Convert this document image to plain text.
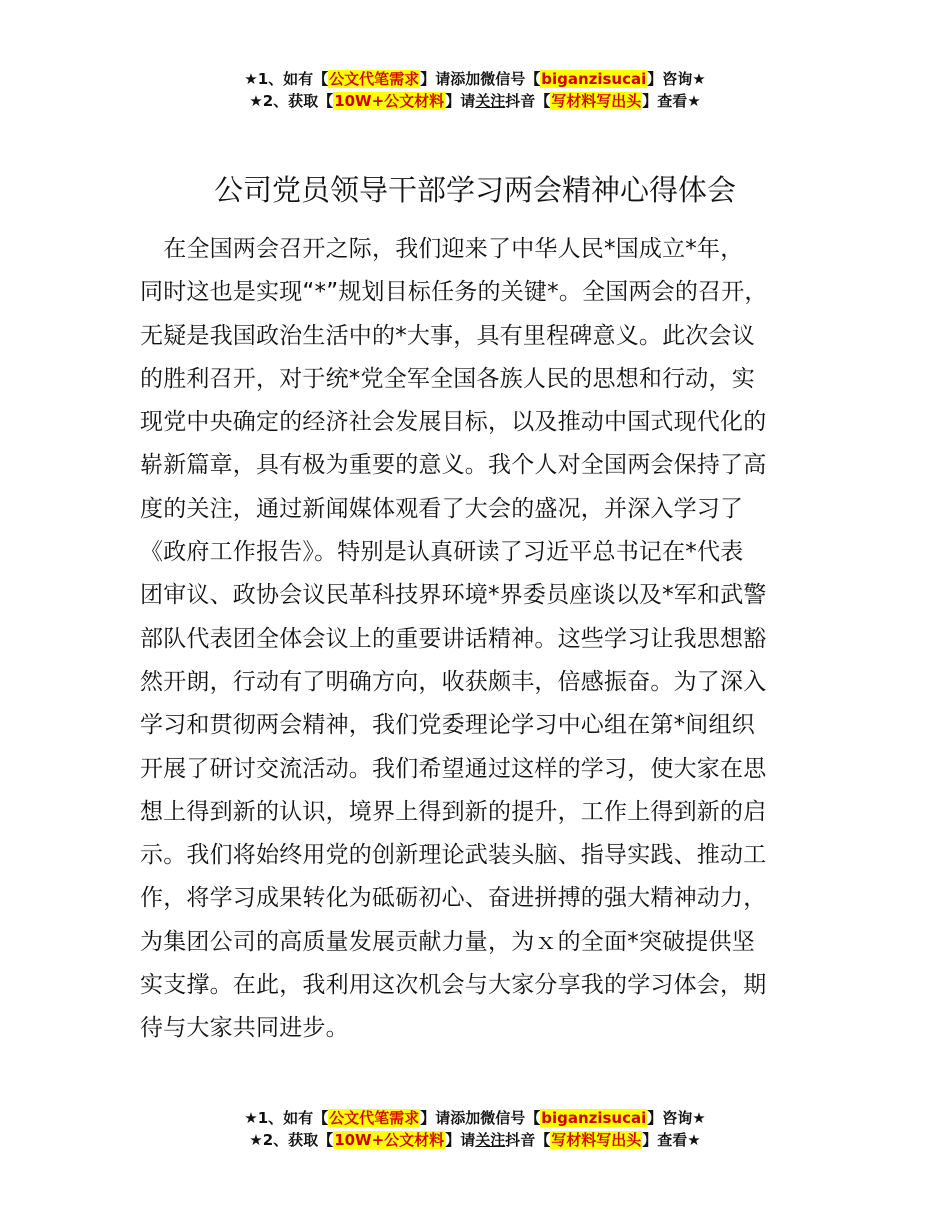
★1、如有【公文代笔需求】请添加微信号【biganzisucai】咨询★
★2、获取【10W+公文材料】请关注抖音【写材料写出头】查看★
公司党员领导干部学习两会精神心得体会
　在全国两会召开之际，我们迎来了中华人民*国成立*年，
同时这也是实现“*”规划目标任务的关键*。全国两会的召开，
无疑是我国政治生活中的*大事，具有里程碑意义。此次会议
的胜利召开，对于统*党全军全国各族人民的思想和行动，实
现党中央确定的经济社会发展目标，以及推动中国式现代化的
崭新篇章，具有极为重要的意义。我个人对全国两会保持了高
度的关注，通过新闻媒体观看了大会的盛况，并深入学习了
《政府工作报告》。特别是认真研读了习近平总书记在*代表
团审议、政协会议民革科技界环境*界委员座谈以及*军和武警
部队代表团全体会议上的重要讲话精神。这些学习让我思想豁
然开朗，行动有了明确方向，收获颇丰，倍感振奋。为了深入
学习和贯彻两会精神，我们党委理论学习中心组在第*间组织
开展了研讨交流活动。我们希望通过这样的学习，使大家在思
想上得到新的认识，境界上得到新的提升，工作上得到新的启
示。我们将始终用党的创新理论武装头脑、指导实践、推动工
作，将学习成果转化为砥砺初心、奋进拼搏的强大精神动力，
为集团公司的高质量发展贡献力量，为ｘ的全面*突破提供坚
实支撑。在此，我利用这次机会与大家分享我的学习体会，期
待与大家共同进步。
★1、如有【公文代笔需求】请添加微信号【biganzisucai】咨询★
★2、获取【10W+公文材料】请关注抖音【写材料写出头】查看★
